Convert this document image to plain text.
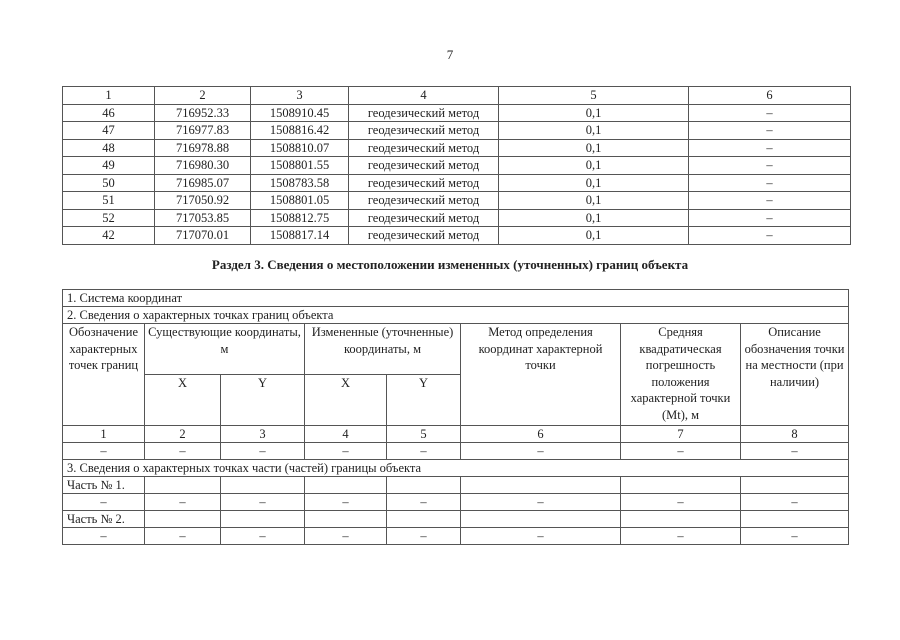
7
1	2	3	4	5	6
46	716952.33	1508910.45	геодезический метод	0,1	–
47	716977.83	1508816.42	геодезический метод	0,1	–
48	716978.88	1508810.07	геодезический метод	0,1	–
49	716980.30	1508801.55	геодезический метод	0,1	–
50	716985.07	1508783.58	геодезический метод	0,1	–
51	717050.92	1508801.05	геодезический метод	0,1	–
52	717053.85	1508812.75	геодезический метод	0,1	–
42	717070.01	1508817.14	геодезический метод	0,1	–
Раздел 3. Сведения о местоположении измененных (уточненных) границ объекта
1. Система координат							
2. Сведения о характерных точках границ объекта							
Обозначение характерных точек границ	Существующие координаты, м		Измененные (уточненные) координаты, м		Метод определения координат характерной точки	Средняя квадратическая погрешность положения характерной точки (Mt), м	Описание обозначения точки на местности (при наличии)
	X	Y	X	Y			
1	2	3	4	5	6	7	8
–	–	–	–	–	–	–	–
3. Сведения о характерных точках части (частей) границы объекта							
Часть № 1.							
–	–	–	–	–	–	–	–
Часть № 2.							
–	–	–	–	–	–	–	–
